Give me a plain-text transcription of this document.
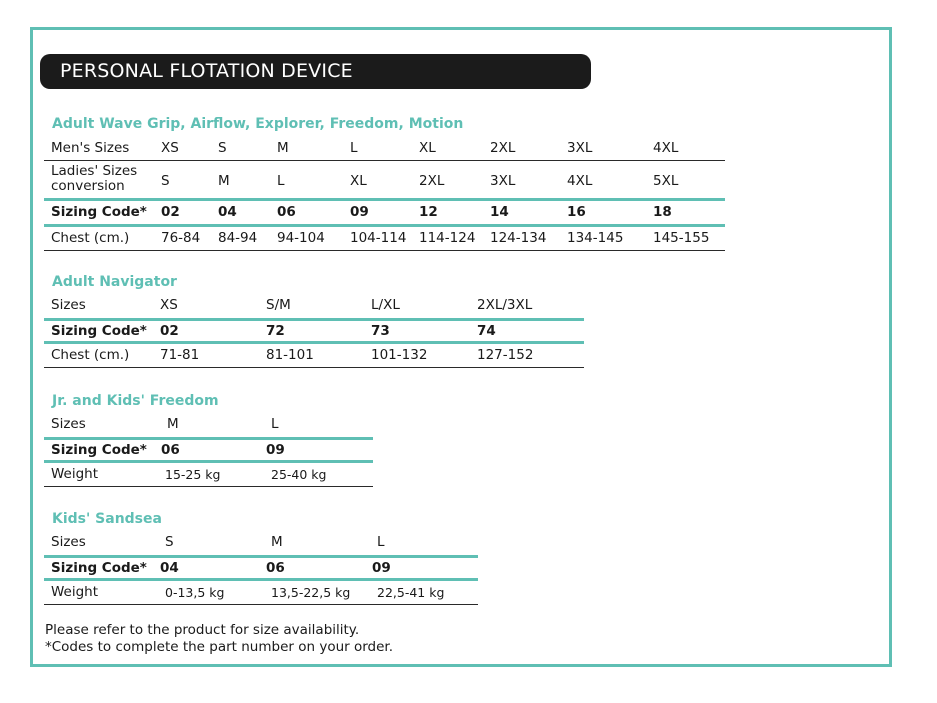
PERSONAL FLOTATION DEVICE
Adult Wave Grip, Airflow, Explorer, Freedom, Motion
Men's Sizes XS	S	M	L	XL	2XL	3XL	4XL
Ladies' Sizes
conversion	S	M	L	XL	2XL	3XL	4XL	5XL
Sizing Code* 02	04	06	09	12	14	16	18
Chest (cm.) 76-84 84-94 94-104 104-114 114-124 124-134 134-145 145-155
Adult Navigator
Sizes	XS	S/M	L/XL	2XL/3XL
Sizing Code* 02	72	73	74
Chest (cm.) 71-81	81-101	101-132	127-152
Jr. and Kids' Freedom
Sizes	M	L
Sizing Code* 06	09
Weight	15-25 kg	25-40 kg
Kids' Sandsea
Sizes	S	M	L
Sizing Code* 04	06	09
Weight	0-13,5 kg	13,5-22,5 kg 22,5-41 kg
Please refer to the product for size availability.
*Codes to complete the part number on your order.
